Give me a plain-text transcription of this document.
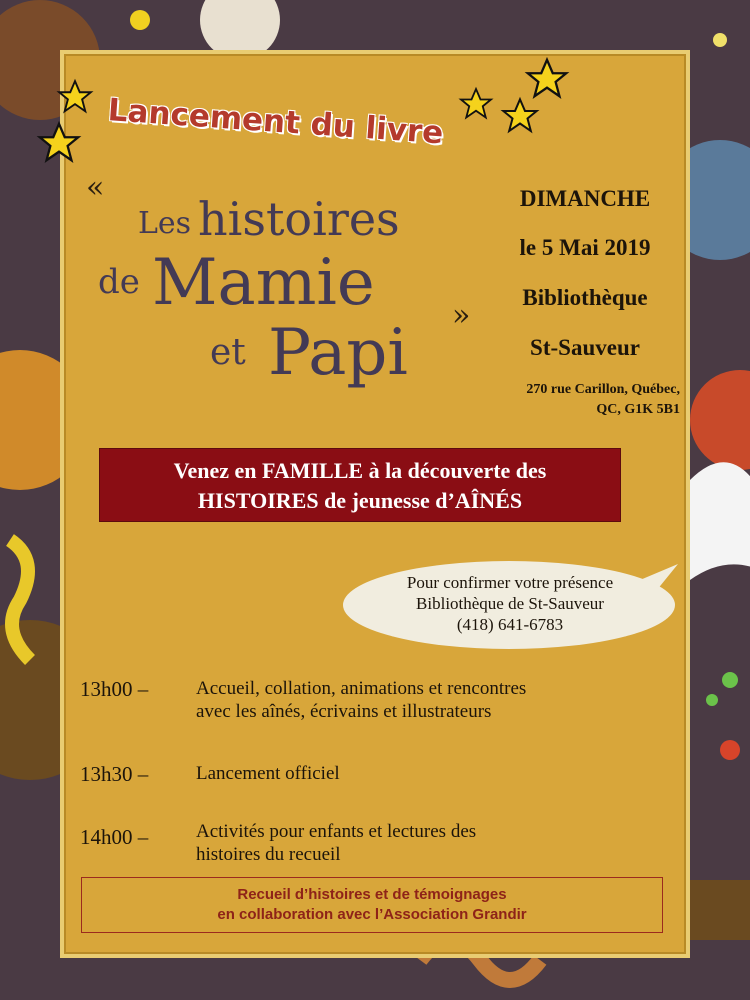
Lancement du livre
«
»
Les histoires
de Mamie
et Papi
DIMANCHE
le 5 Mai 2019
Bibliothèque
St-Sauveur
270 rue Carillon, Québec,
QC, G1K 5B1
Venez en FAMILLE à la découverte des
HISTOIRES de jeunesse d’AÎNÉS
Pour confirmer votre présence
Bibliothèque de St-Sauveur
(418) 641-6783
13h00 –	Accueil, collation, animations et rencontres
avec les aînés, écrivains et illustrateurs
13h30 –	Lancement officiel
14h00 –	Activités pour enfants et lectures des
histoires du recueil
Recueil d’histoires et de témoignages
en collaboration avec l’Association Grandir
